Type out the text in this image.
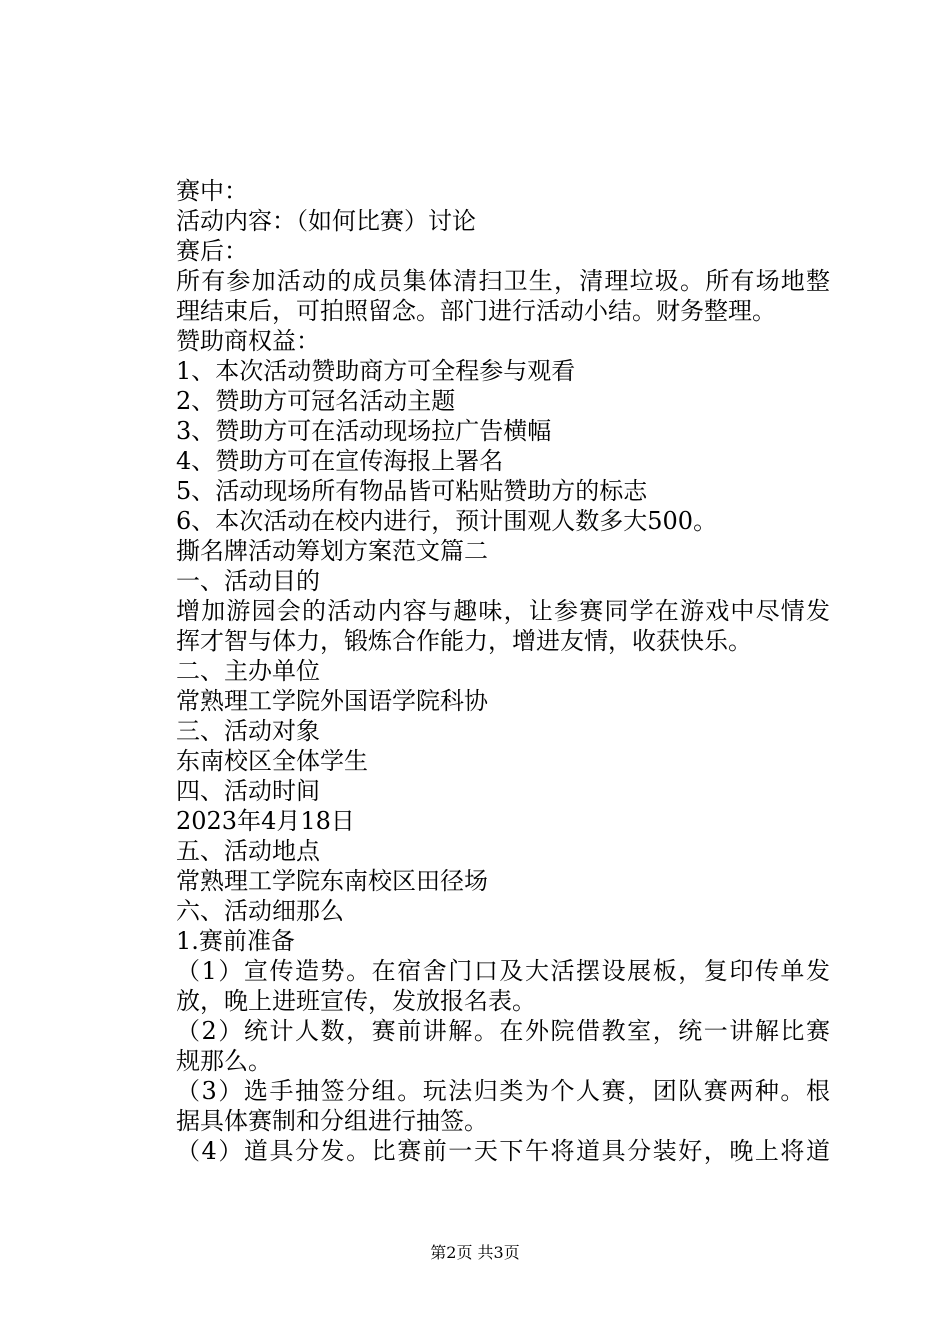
赛中：
活动内容：（如何比赛）讨论
赛后：
所有参加活动的成员集体清扫卫生，清理垃圾。所有场地整
理结束后，可拍照留念。部门进行活动小结。财务整理。
赞助商权益：
1、本次活动赞助商方可全程参与观看
2、赞助方可冠名活动主题
3、赞助方可在活动现场拉广告横幅
4、赞助方可在宣传海报上署名
5、活动现场所有物品皆可粘贴赞助方的标志
6、本次活动在校内进行，预计围观人数多大500。
撕名牌活动筹划方案范文篇二
一、活动目的
增加游园会的活动内容与趣味，让参赛同学在游戏中尽情发
挥才智与体力，锻炼合作能力，增进友情，收获快乐。
二、主办单位
常熟理工学院外国语学院科协
三、活动对象
东南校区全体学生
四、活动时间
2023年4月18日
五、活动地点
常熟理工学院东南校区田径场
六、活动细那么
1.赛前准备
（1）宣传造势。在宿舍门口及大活摆设展板，复印传单发
放，晚上进班宣传，发放报名表。
（2）统计人数，赛前讲解。在外院借教室，统一讲解比赛
规那么。
（3）选手抽签分组。玩法归类为个人赛，团队赛两种。根
据具体赛制和分组进行抽签。
（4）道具分发。比赛前一天下午将道具分装好，晚上将道
第2页 共3页
